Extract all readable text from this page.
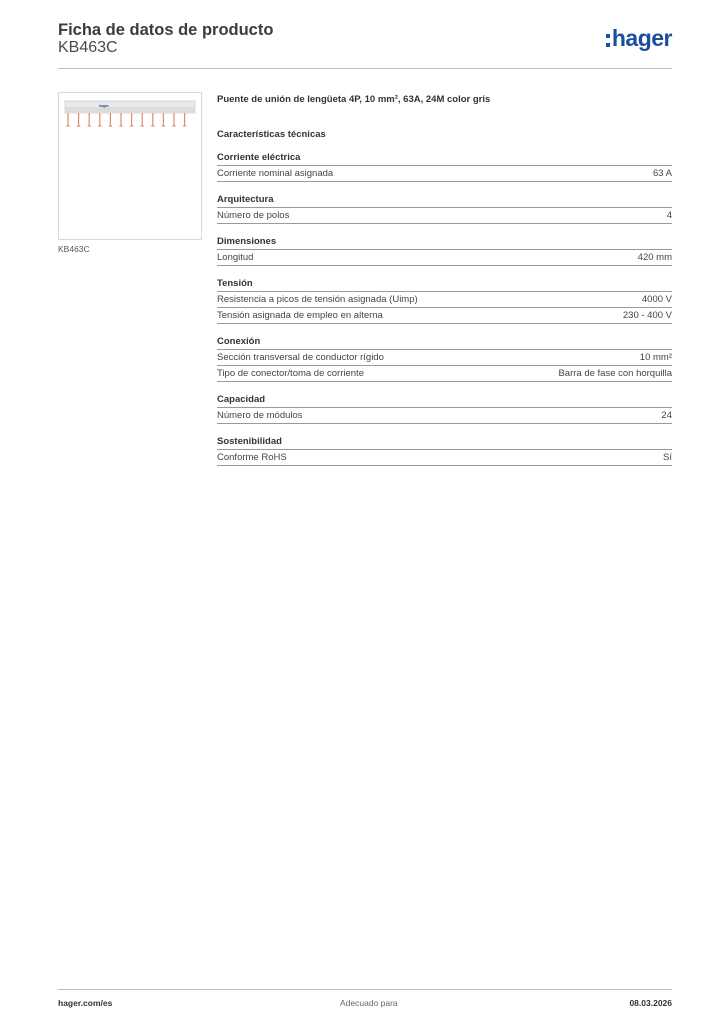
Ficha de datos de producto
KB463C	hager
hager
KB463C
Puente de unión de lengüeta 4P, 10 mm², 63A, 24M color gris
Características técnicas
Corriente eléctrica
Corriente nominal asignada	63 A
Arquitectura
Número de polos	4
Dimensiones
Longitud	420 mm
Tensión
Resistencia a picos de tensión asignada (Uimp)	4000 V
Tensión asignada de empleo en alterna	230 - 400 V
Conexión
Sección transversal de conductor rígido	10 mm²
Tipo de conector/toma de corriente	Barra de fase con horquilla
Capacidad
Número de módulos	24
Sostenibilidad
Conforme RoHS	Sí
hager.com/es	Adecuado para	08.03.2026
